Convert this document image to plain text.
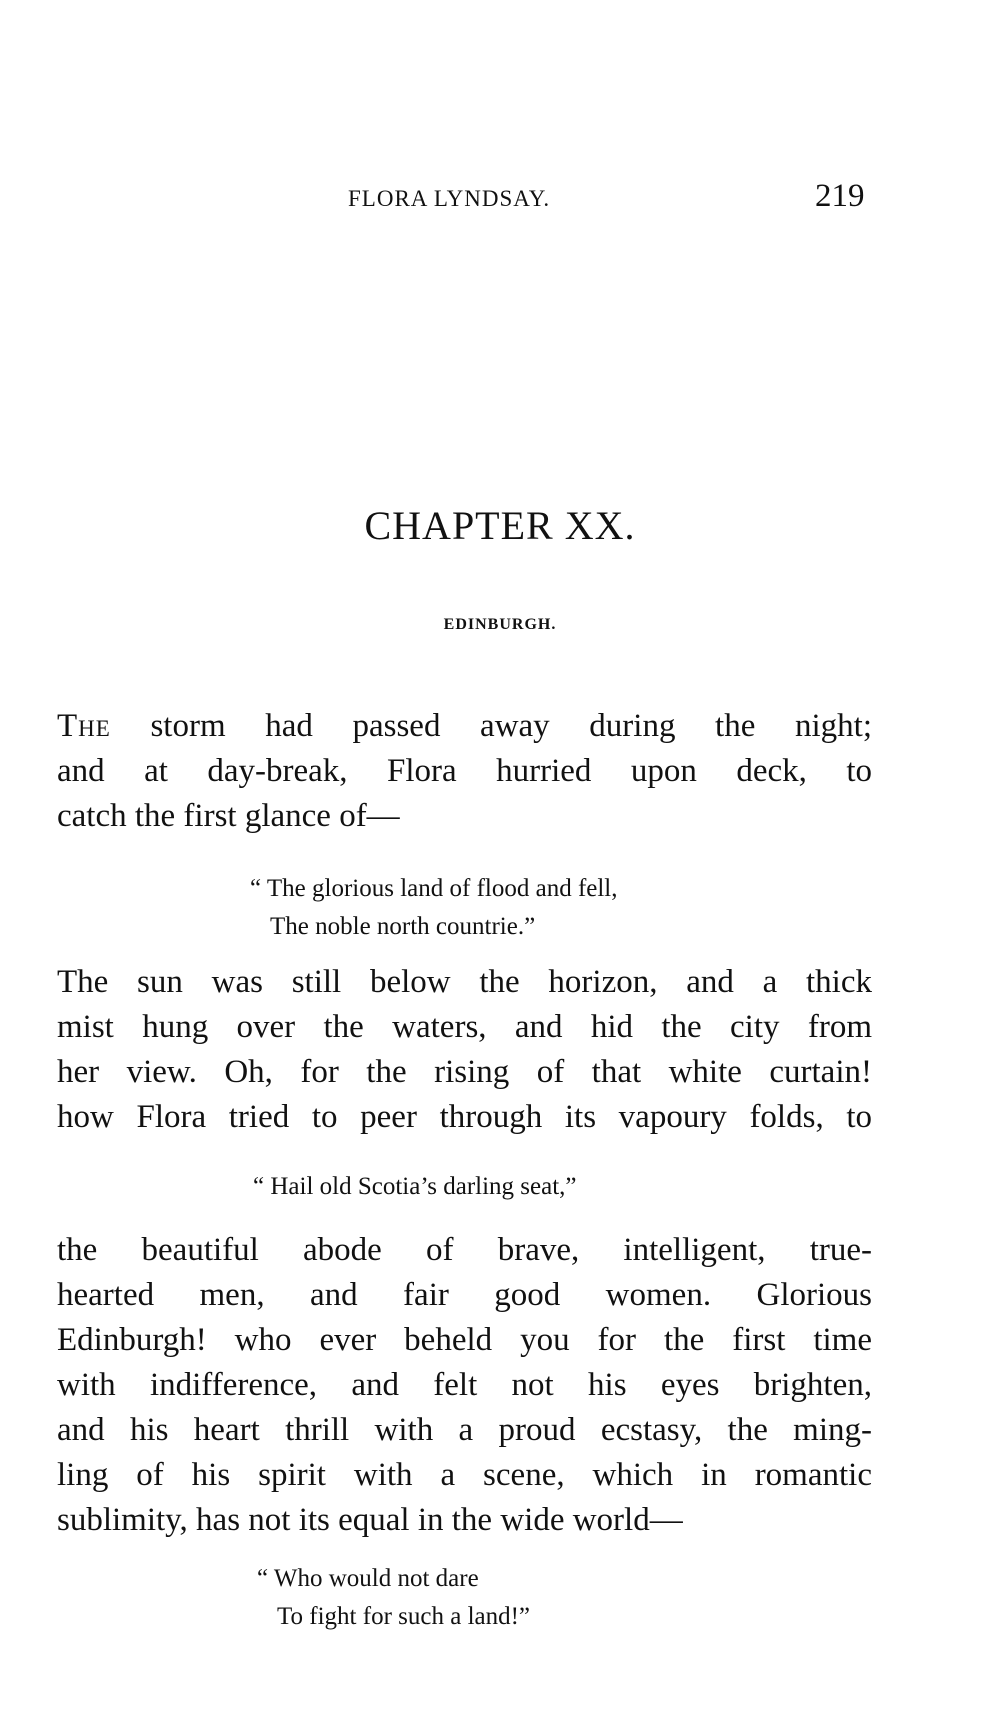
FLORA LYNDSAY.	219
CHAPTER XX.
EDINBURGH.
The storm had passed away during the night;
and at day-break, Flora hurried upon deck, to
catch the first glance of—
“ The glorious land of flood and fell,
The noble north countrie.”
The sun was still below the horizon, and a thick
mist hung over the waters, and hid the city from
her view. Oh, for the rising of that white curtain!
how Flora tried to peer through its vapoury folds, to
“ Hail old Scotia’s darling seat,”
the beautiful abode of brave, intelligent, true-
hearted men, and fair good women. Glorious
Edinburgh! who ever beheld you for the first time
with indifference, and felt not his eyes brighten,
and his heart thrill with a proud ecstasy, the ming-
ling of his spirit with a scene, which in romantic
sublimity, has not its equal in the wide world—
“ Who would not dare
To fight for such a land!”
